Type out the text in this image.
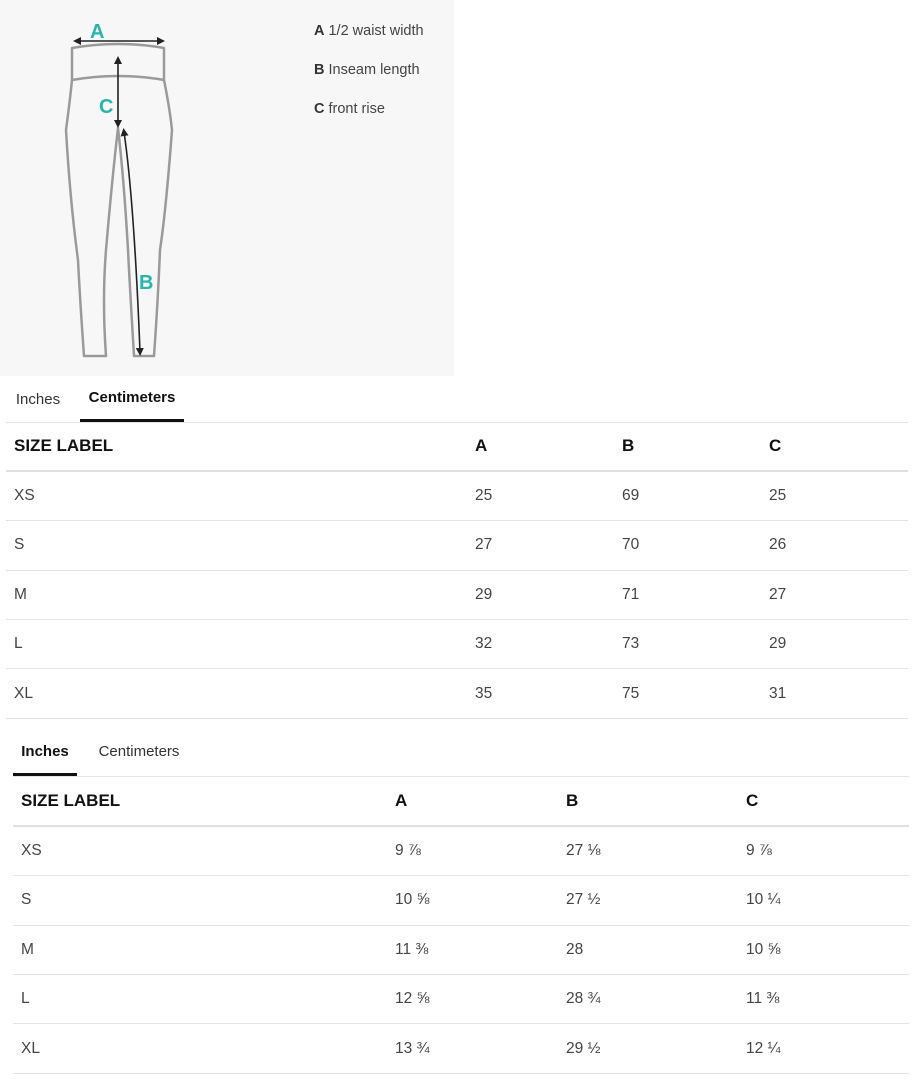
A
C
B
A 1/2 waist width
B Inseam length
C front rise
Inches	Centimeters
SIZE LABEL	A	B	C
XS	25	69	25
S	27	70	26
M	29	71	27
L	32	73	29
XL	35	75	31
Inches	Centimeters
SIZE LABEL	A	B	C
XS	9 ⅞	27 ⅛	9 ⅞
S	10 ⅝	27 ½	10 ¼
M	11 ⅜	28	10 ⅝
L	12 ⅝	28 ¾	11 ⅜
XL	13 ¾	29 ½	12 ¼
